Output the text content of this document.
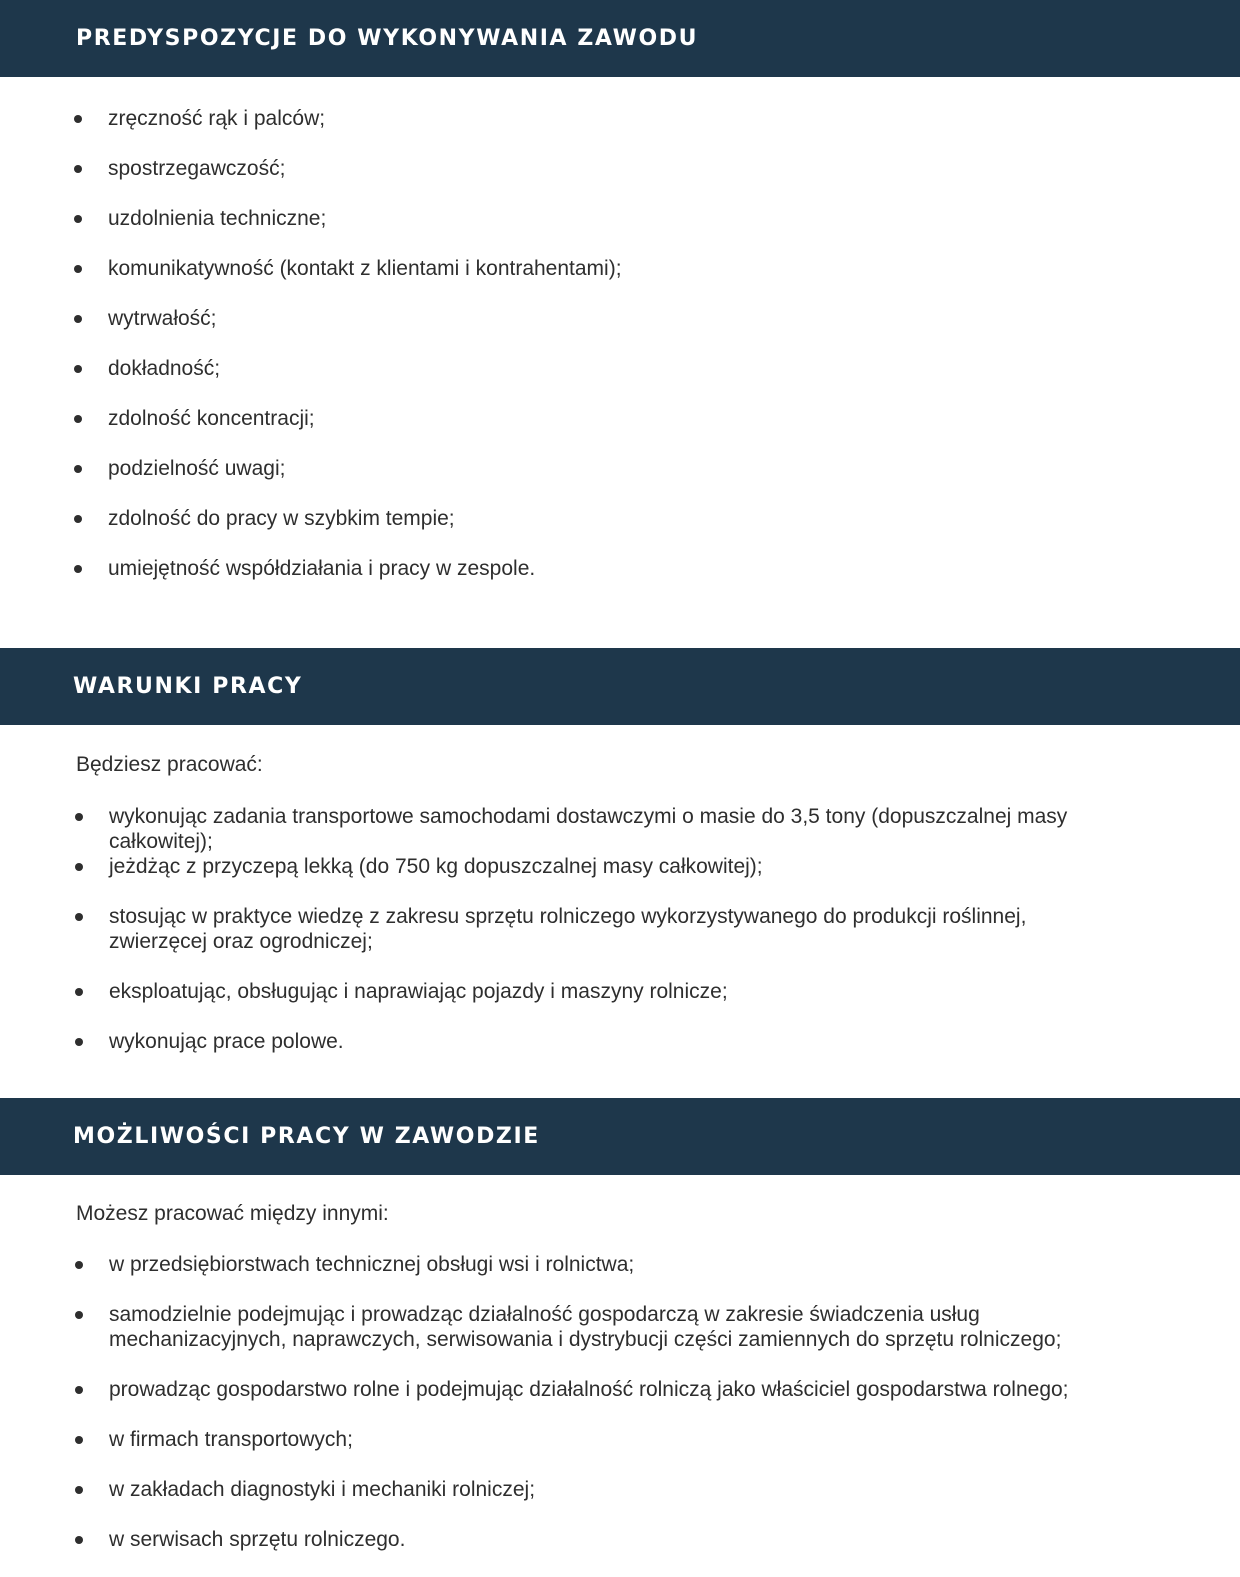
PREDYSPOZYCJE DO WYKONYWANIA ZAWODU
zręczność rąk i palców;
spostrzegawczość;
uzdolnienia techniczne;
komunikatywność (kontakt z klientami i kontrahentami);
wytrwałość;
dokładność;
zdolność koncentracji;
podzielność uwagi;
zdolność do pracy w szybkim tempie;
umiejętność współdziałania i pracy w zespole.
WARUNKI PRACY

Będziesz pracować:

wykonując zadania transportowe samochodami dostawczymi o masie do 3,5 tony (dopuszczalnej masy całkowitej);
jeżdżąc z przyczepą lekką (do 750 kg dopuszczalnej masy całkowitej);
stosując w praktyce wiedzę z zakresu sprzętu rolniczego wykorzystywanego do produkcji roślinnej, zwierzęcej oraz ogrodniczej;
eksploatując, obsługując i naprawiając pojazdy i maszyny rolnicze;
wykonując prace polowe.
MOŻLIWOŚCI PRACY W ZAWODZIE

Możesz pracować między innymi:

w przedsiębiorstwach technicznej obsługi wsi i rolnictwa;
samodzielnie podejmując i prowadząc działalność gospodarczą w zakresie świadczenia usług mechanizacyjnych, naprawczych, serwisowania i dystrybucji części zamiennych do sprzętu rolniczego;
prowadząc gospodarstwo rolne i podejmując działalność rolniczą jako właściciel gospodarstwa rolnego;
w firmach transportowych;
w zakładach diagnostyki i mechaniki rolniczej;
w serwisach sprzętu rolniczego.
